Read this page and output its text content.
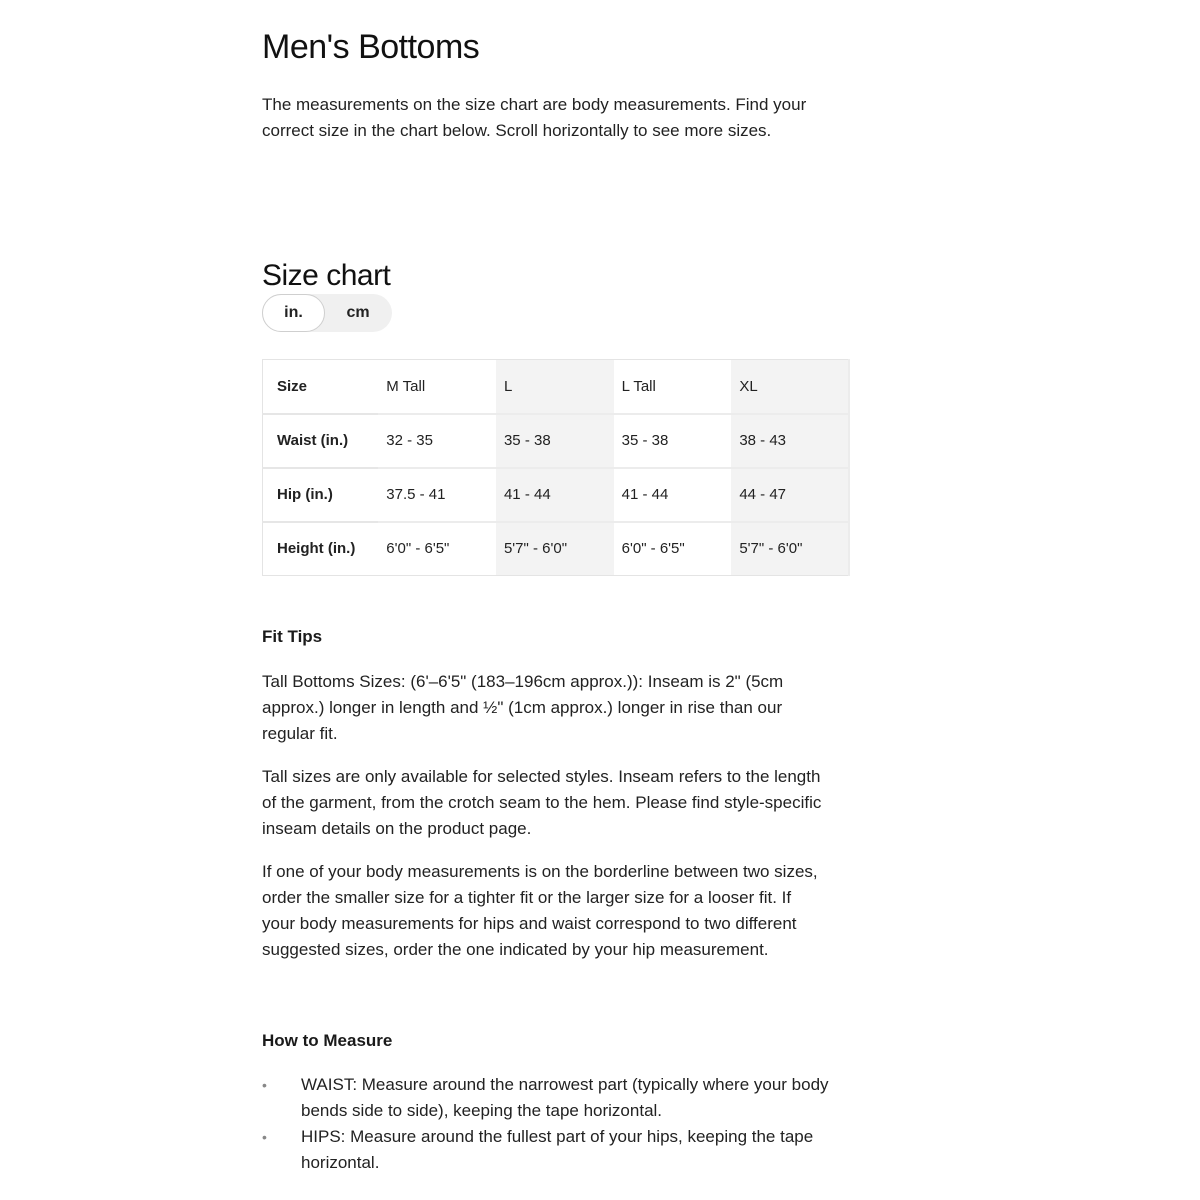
Men's Bottoms

The measurements on the size chart are body measurements. Find your correct size in the chart below. Scroll horizontally to see more sizes.

Size chart
in.	cm
Size	M Tall	L	L Tall	XL
Waist (in.)	32 - 35	35 - 38	35 - 38	38 - 43
Hip (in.)	37.5 - 41	41 - 44	41 - 44	44 - 47
Height (in.)	6'0" - 6'5"	5'7" - 6'0"	6'0" - 6'5"	5'7" - 6'0"
Fit Tips

Tall Bottoms Sizes: (6'–6'5" (183–196cm approx.)): Inseam is 2" (5cm approx.) longer in length and ½" (1cm approx.) longer in rise than our regular fit.

Tall sizes are only available for selected styles. Inseam refers to the length of the garment, from the crotch seam to the hem. Please find style-specific inseam details on the product page.

If one of your body measurements is on the borderline between two sizes, order the smaller size for a tighter fit or the larger size for a looser fit. If your body measurements for hips and waist correspond to two different suggested sizes, order the one indicated by your hip measurement.

How to Measure
• WAIST: Measure around the narrowest part (typically where your body bends side to side), keeping the tape horizontal.
• HIPS: Measure around the fullest part of your hips, keeping the tape horizontal.
